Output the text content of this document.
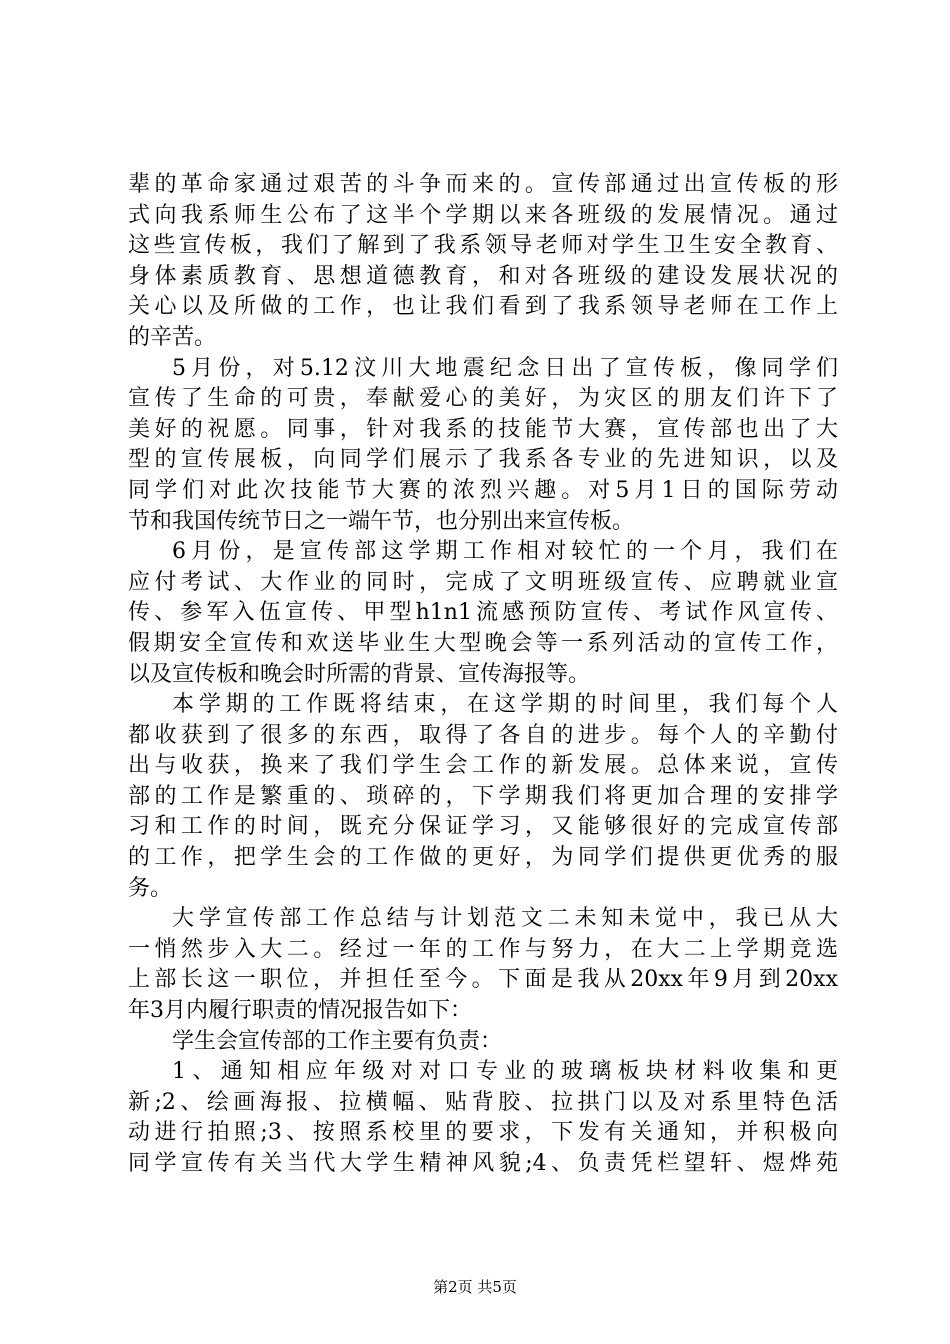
辈的革命家通过艰苦的斗争而来的。宣传部通过出宣传板的形
式向我系师生公布了这半个学期以来各班级的发展情况。通过
这些宣传板，我们了解到了我系领导老师对学生卫生安全教育、
身体素质教育、思想道德教育，和对各班级的建设发展状况的
关心以及所做的工作，也让我们看到了我系领导老师在工作上
的辛苦。
5月份，对5.12汶川大地震纪念日出了宣传板，像同学们
宣传了生命的可贵，奉献爱心的美好，为灾区的朋友们许下了
美好的祝愿。同事，针对我系的技能节大赛，宣传部也出了大
型的宣传展板，向同学们展示了我系各专业的先进知识，以及
同学们对此次技能节大赛的浓烈兴趣。对5月1日的国际劳动
节和我国传统节日之一端午节，也分别出来宣传板。
6月份，是宣传部这学期工作相对较忙的一个月，我们在
应付考试、大作业的同时，完成了文明班级宣传、应聘就业宣
传、参军入伍宣传、甲型h1n1流感预防宣传、考试作风宣传、
假期安全宣传和欢送毕业生大型晚会等一系列活动的宣传工作，
以及宣传板和晚会时所需的背景、宣传海报等。
本学期的工作既将结束，在这学期的时间里，我们每个人
都收获到了很多的东西，取得了各自的进步。每个人的辛勤付
出与收获，换来了我们学生会工作的新发展。总体来说，宣传
部的工作是繁重的、琐碎的，下学期我们将更加合理的安排学
习和工作的时间，既充分保证学习，又能够很好的完成宣传部
的工作，把学生会的工作做的更好，为同学们提供更优秀的服
务。
大学宣传部工作总结与计划范文二未知未觉中，我已从大
一悄然步入大二。经过一年的工作与努力，在大二上学期竞选
上部长这一职位，并担任至今。下面是我从20xx年9月到20xx
年3月内履行职责的情况报告如下：
学生会宣传部的工作主要有负责：
1、通知相应年级对对口专业的玻璃板块材料收集和更
新;2、绘画海报、拉横幅、贴背胶、拉拱门以及对系里特色活
动进行拍照;3、按照系校里的要求，下发有关通知，并积极向
同学宣传有关当代大学生精神风貌;4、负责凭栏望轩、煜烨苑
第2页 共5页
